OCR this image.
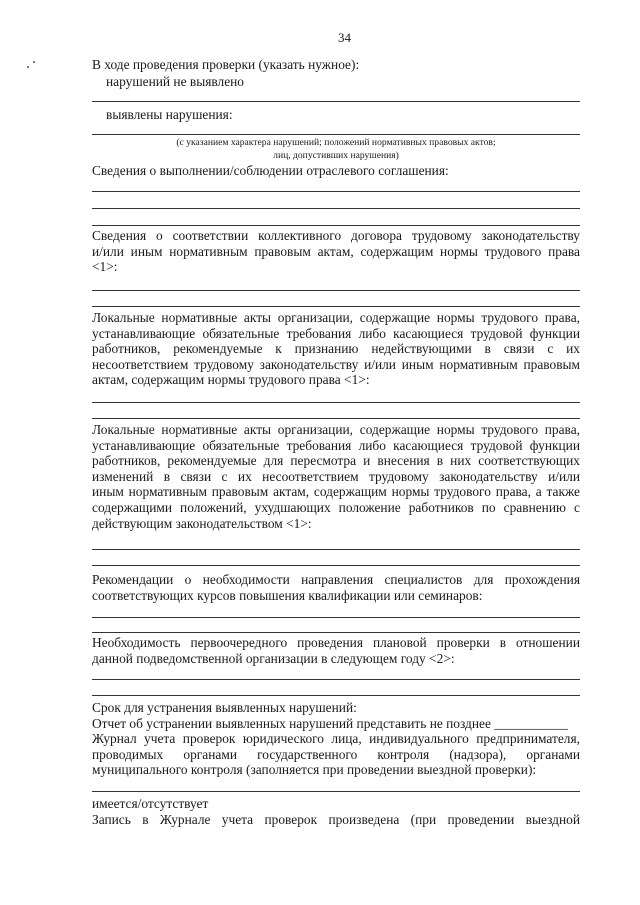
34
В ходе проведения проверки (указать нужное):
нарушений не выявлено
выявлены нарушения:
(с указанием характера нарушений; положений нормативных правовых актов;
лиц, допустивших нарушения)
Сведения о выполнении/соблюдении отраслевого соглашения:
Сведения о соответствии коллективного договора трудовому законодательству
и/или иным нормативным правовым актам, содержащим нормы трудового права
<1>:
Локальные нормативные акты организации, содержащие нормы трудового права,
устанавливающие обязательные требования либо касающиеся трудовой функции
работников, рекомендуемые к признанию недействующими в связи с их
несоответствием трудовому законодательству и/или иным нормативным правовым
актам, содержащим нормы трудового права <1>:
Локальные нормативные акты организации, содержащие нормы трудового права,
устанавливающие обязательные требования либо касающиеся трудовой функции
работников, рекомендуемые для пересмотра и внесения в них соответствующих
изменений в связи с их несоответствием трудовому законодательству и/или
иным нормативным правовым актам, содержащим нормы трудового права, а также
содержащими положений, ухудшающих положение работников по сравнению с
действующим законодательством <1>:
Рекомендации о необходимости направления специалистов для прохождения
соответствующих курсов повышения квалификации или семинаров:
Необходимость первоочередного проведения плановой проверки в отношении
данной подведомственной организации в следующем году <2>:
Срок для устранения выявленных нарушений:
Отчет об устранении выявленных нарушений представить не позднее ___________
Журнал учета проверок юридического лица, индивидуального предпринимателя,
проводимых органами государственного контроля (надзора), органами
муниципального контроля (заполняется при проведении выездной проверки):
имеется/отсутствует
Запись в Журнале учета проверок произведена (при проведении выездной
